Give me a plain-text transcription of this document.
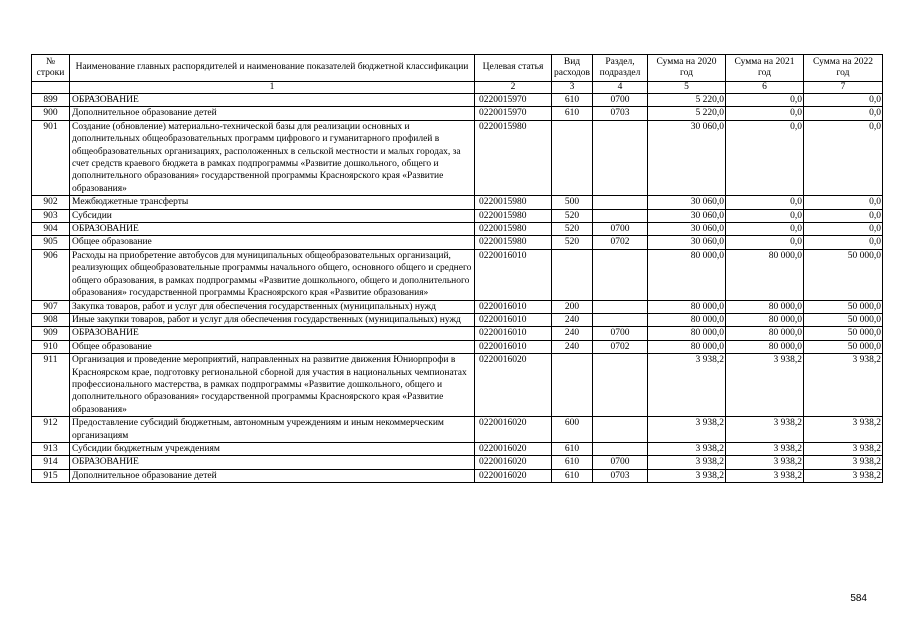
№ строки	Наименование главных распорядителей и наименование показателей бюджетной классификации	Целевая статья	Вид расходов	Раздел, подраздел	Сумма на 2020 год	Сумма на 2021 год	Сумма на 2022 год
	1	2	3	4	5	6	7
899	ОБРАЗОВАНИЕ	0220015970	610	0700	5 220,0	0,0	0,0
900	Дополнительное образование детей	0220015970	610	0703	5 220,0	0,0	0,0
901	Создание (обновление) материально-технической базы для реализации основных и дополнительных общеобразовательных программ цифрового и гуманитарного профилей в общеобразовательных организациях, расположенных в сельской местности и малых городах, за счет средств краевого бюджета в рамках подпрограммы «Развитие дошкольного, общего и дополнительного образования» государственной программы Красноярского края «Развитие образования»	0220015980			30 060,0	0,0	0,0
902	Межбюджетные трансферты	0220015980	500		30 060,0	0,0	0,0
903	Субсидии	0220015980	520		30 060,0	0,0	0,0
904	ОБРАЗОВАНИЕ	0220015980	520	0700	30 060,0	0,0	0,0
905	Общее образование	0220015980	520	0702	30 060,0	0,0	0,0
906	Расходы на приобретение автобусов для муниципальных общеобразовательных организаций, реализующих общеобразовательные программы начального общего, основного общего и среднего общего образования, в рамках подпрограммы «Развитие дошкольного, общего и дополнительного образования» государственной программы Красноярского края «Развитие образования»	0220016010			80 000,0	80 000,0	50 000,0
907	Закупка товаров, работ и услуг для обеспечения государственных (муниципальных) нужд	0220016010	200		80 000,0	80 000,0	50 000,0
908	Иные закупки товаров, работ и услуг для обеспечения государственных (муниципальных) нужд	0220016010	240		80 000,0	80 000,0	50 000,0
909	ОБРАЗОВАНИЕ	0220016010	240	0700	80 000,0	80 000,0	50 000,0
910	Общее образование	0220016010	240	0702	80 000,0	80 000,0	50 000,0
911	Организация и проведение мероприятий, направленных на развитие движения Юниорпрофи в Красноярском крае, подготовку региональной сборной для участия в национальных чемпионатах профессионального мастерства, в рамках подпрограммы «Развитие дошкольного, общего и дополнительного образования» государственной программы Красноярского края «Развитие образования»	0220016020			3 938,2	3 938,2	3 938,2
912	Предоставление субсидий бюджетным, автономным учреждениям и иным некоммерческим организациям	0220016020	600		3 938,2	3 938,2	3 938,2
913	Субсидии бюджетным учреждениям	0220016020	610		3 938,2	3 938,2	3 938,2
914	ОБРАЗОВАНИЕ	0220016020	610	0700	3 938,2	3 938,2	3 938,2
915	Дополнительное образование детей	0220016020	610	0703	3 938,2	3 938,2	3 938,2
584
